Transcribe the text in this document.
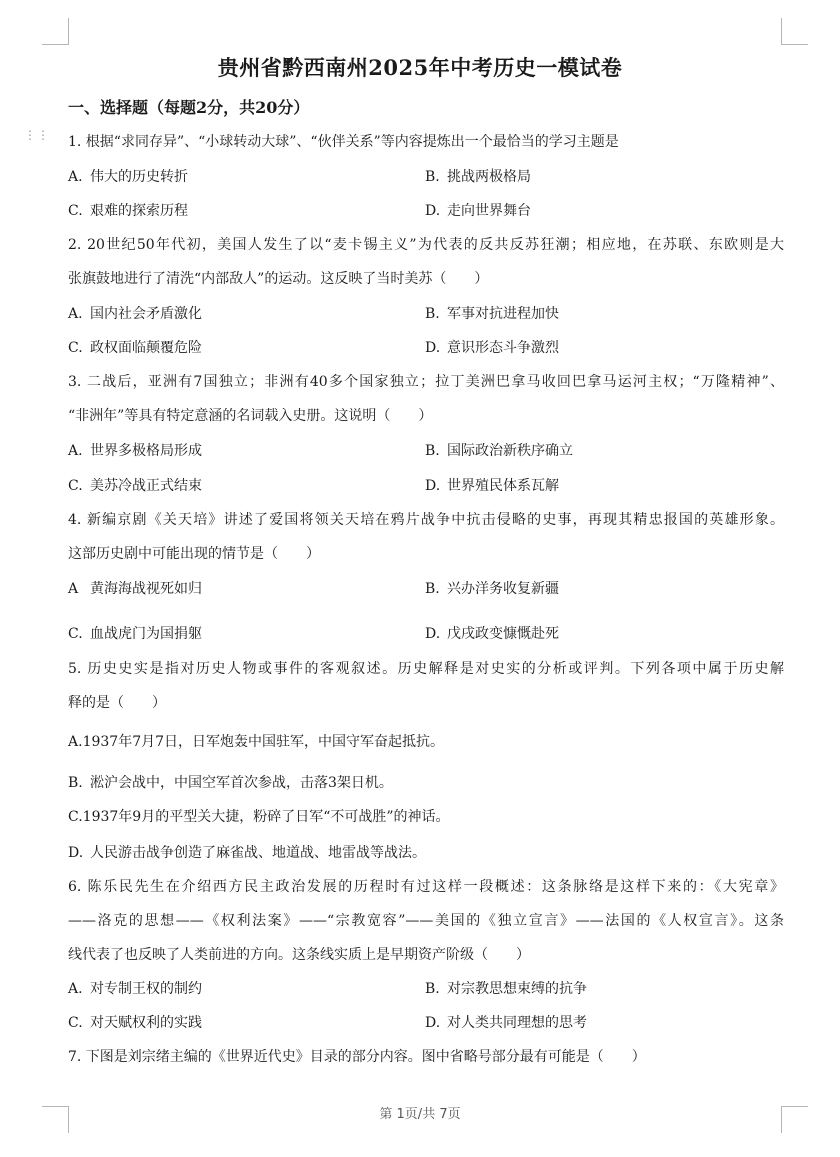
⋮⋮
贵州省黔西南州2025年中考历史一模试卷
一、选择题（每题2分，共20分）
1. 根据“求同存异”、“小球转动大球”、“伙伴关系”等内容提炼出一个最恰当的学习主题是
A. 伟大的历史转折	B. 挑战两极格局
C. 艰难的探索历程	D. 走向世界舞台
2. 20世纪50年代初，美国人发生了以“麦卡锡主义”为代表的反共反苏狂潮；相应地，在苏联、东欧则是大
张旗鼓地进行了清洗“内部敌人”的运动。这反映了当时美苏（　　）
A. 国内社会矛盾激化	B. 军事对抗进程加快
C. 政权面临颠覆危险	D. 意识形态斗争激烈
3. 二战后，亚洲有7国独立；非洲有40多个国家独立；拉丁美洲巴拿马收回巴拿马运河主权；“万隆精神”、
“非洲年”等具有特定意涵的名词载入史册。这说明（　　）
A. 世界多极格局形成	B. 国际政治新秩序确立
C. 美苏冷战正式结束	D. 世界殖民体系瓦解
4. 新编京剧《关天培》讲述了爱国将领关天培在鸦片战争中抗击侵略的史事，再现其精忠报国的英雄形象。
这部历史剧中可能出现的情节是（　　）
A 黄海海战视死如归	B. 兴办洋务收复新疆
C. 血战虎门为国捐躯	D. 戊戌政变慷慨赴死
5. 历史史实是指对历史人物或事件的客观叙述。历史解释是对史实的分析或评判。下列各项中属于历史解
释的是（　　）
A.1937年7月7日，日军炮轰中国驻军，中国守军奋起抵抗。
B. 淞沪会战中，中国空军首次参战，击落3架日机。
C.1937年9月的平型关大捷，粉碎了日军“不可战胜”的神话。
D. 人民游击战争创造了麻雀战、地道战、地雷战等战法。
6. 陈乐民先生在介绍西方民主政治发展的历程时有过这样一段概述：这条脉络是这样下来的：《大宪章》
——洛克的思想——《权利法案》——“宗教宽容”——美国的《独立宣言》——法国的《人权宣言》。这条
线代表了也反映了人类前进的方向。这条线实质上是早期资产阶级（　　）
A. 对专制王权的制约	B. 对宗教思想束缚的抗争
C. 对天赋权利的实践	D. 对人类共同理想的思考
7. 下图是刘宗绪主编的《世界近代史》目录的部分内容。图中省略号部分最有可能是（　　）
第 1页/共 7页
